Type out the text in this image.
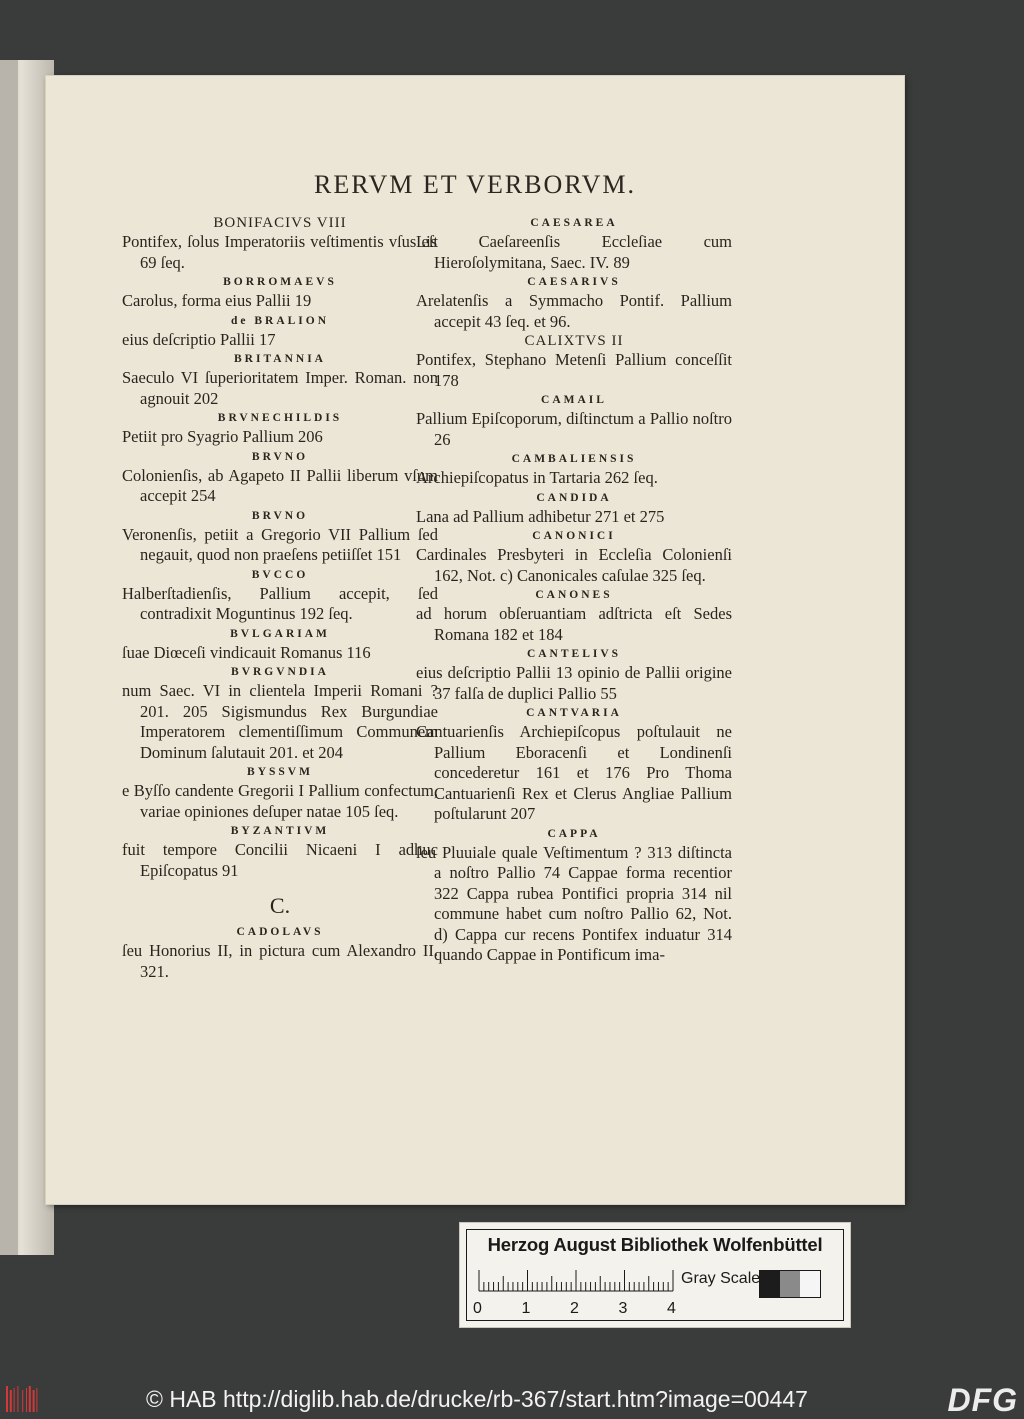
RERVM ET VERBORVM.

BONIFACIVS VIII

Pontifex, ſolus Imperatoriis veſtimentis vſus eſt 69 ſeq.

BORROMAEVS

Carolus, forma eius Pallii 19

de BRALION

eius deſcriptio Pallii 17

BRITANNIA

Saeculo VI ſuperioritatem Imper. Roman. non agnouit 202

BRVNECHILDIS

Petiit pro Syagrio Pallium 206

BRVNO

Colonienſis, ab Agapeto II Pallii liberum vſum accepit 254

BRVNO

Veronenſis, petiit a Gregorio VII Pallium ſed negauit, quod non praeſens petiiſſet 151

BVCCO

Halberſtadienſis, Pallium accepit, ſed contradixit Moguntinus 192 ſeq.

BVLGARIAM

ſuae Diœceſi vindicauit Romanus 116

BVRGVNDIA

num Saec. VI in clientela Imperii Romani ? 201. 205 Sigismundus Rex Burgundiae Imperatorem clementiſſimum Communem Dominum ſalutauit 201. et 204

BYSSVM

e Byſſo candente Gregorii I Pallium confectum, variae opiniones deſuper natae 105 ſeq.

BYZANTIVM

fuit tempore Concilii Nicaeni I adhuc Epiſcopatus 91

C.

CADOLAVS

ſeu Honorius II, in pictura cum Alexandro II. 321.

CAESAREA

Lis Caeſareenſis Eccleſiae cum Hieroſolymitana, Saec. IV. 89

CAESARIVS

Arelatenſis a Symmacho Pontif. Pallium accepit 43 ſeq. et 96.

CALIXTVS II

Pontifex, Stephano Metenſi Pallium conceſſit 178

CAMAIL

Pallium Epiſcoporum, diſtinctum a Pallio noſtro 26

CAMBALIENSIS

Archiepiſcopatus in Tartaria 262 ſeq.

CANDIDA

Lana ad Pallium adhibetur 271 et 275

CANONICI

Cardinales Presbyteri in Eccleſia Colonienſi 162, Not. c) Canonicales caſulae 325 ſeq.

CANONES

ad horum obſeruantiam adſtricta eſt Sedes Romana 182 et 184

CANTELIVS

eius deſcriptio Pallii 13 opinio de Pallii origine 37 falſa de duplici Pallio 55

CANTVARIA

Cantuarienſis Archiepiſcopus poſtulauit ne Pallium Eboracenſi et Londinenſi concederetur 161 et 176 Pro Thoma Cantuarienſi Rex et Clerus Angliae Pallium poſtularunt 207

CAPPA

ſeu Pluuiale quale Veſtimentum ? 313 diſtincta a noſtro Pallio 74 Cappae forma recentior 322 Cappa rubea Pontifici propria 314 nil commune habet cum noſtro Pallio 62, Not. d) Cappa cur recens Pontifex induatur 314 quando Cappae in Pontificum ima-

Herzog August Bibliothek Wolfenbüttel
0 1 2 3 4
Gray Scale
© HAB http://diglib.hab.de/drucke/rb-367/start.htm?image=00447	DFG
